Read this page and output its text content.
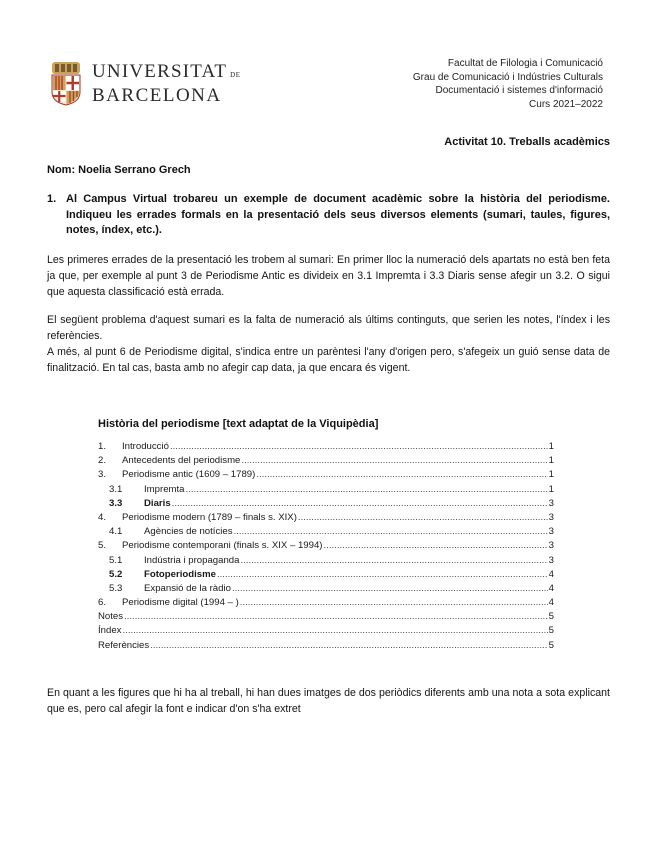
UNIVERSITAT DE
BARCELONA
Facultat de Filologia i Comunicació
Grau de Comunicació i Indústries Culturals
Documentació i sistemes d'informació
Curs 2021–2022
Activitat 10. Treballs acadèmics
Nom: Noelia Serrano Grech
1. Al Campus Virtual trobareu un exemple de document acadèmic sobre la història del periodisme. Indiqueu les errades formals en la presentació dels seus diversos elements (sumari, taules, figures, notes, índex, etc.).

Les primeres errades de la presentació les trobem al sumari: En primer lloc la numeració dels apartats no està ben feta ja que, per exemple al punt 3 de Periodisme Antic es divideix en 3.1 Impremta i 3.3 Diaris sense afegir un 3.2. O sigui que aquesta classificació està errada.

El següent problema d'aquest sumari es la falta de numeració als últims continguts, que serien les notes, l'índex i les referències.

A més, al punt 6 de Periodisme digital, s'indica entre un parèntesi l'any d'origen pero, s'afegeix un guió sense data de finalització. En tal cas, basta amb no afegir cap data, ja que encara és vigent.

Història del periodisme [text adaptat de la Viquipèdia]
1.	Introducció .....	1
2.	Antecedents del periodisme .....	1
3.	Periodisme antic (1609 – 1789) .....	1
3.1	Impremta .....	1
3.3	Diaris .....	3
4.	Periodisme modern (1789 – finals s. XIX) .....	3
4.1	Agències de notícies .....	3
5.	Periodisme contemporani (finals s. XIX – 1994) .....	3
5.1	Indústria i propaganda .....	3
5.2	Fotoperiodisme .....	4
5.3	Expansió de la ràdio .....	4
6.	Periodisme digital (1994 – ) .....	4
Notes .....	5
Índex .....	5
Referències .....	5

En quant a les figures que hi ha al treball, hi han dues imatges de dos periòdics diferents amb una nota a sota explicant que es, pero cal afegir la font e indicar d'on s'ha extret
